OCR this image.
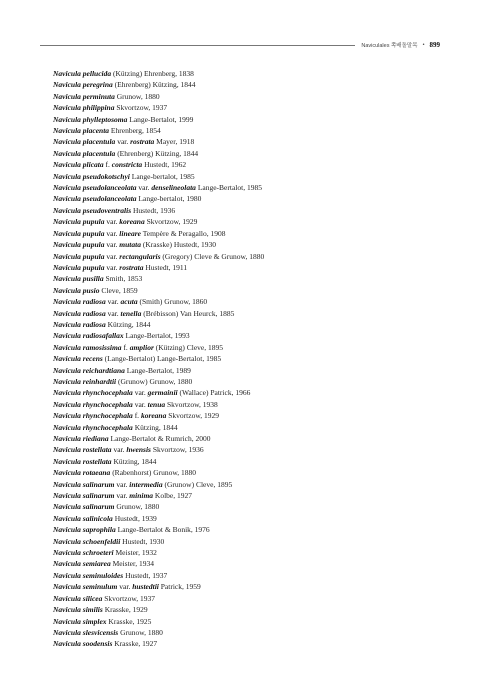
Naviculales 쪽배돌말목 • 899
Navicula pellucida (Kützing) Ehrenberg, 1838
Navicula peregrina (Ehrenberg) Kützing, 1844
Navicula perminuta Grunow, 1880
Navicula philippina Skvortzow, 1937
Navicula phylleptosoma Lange-Bertalot, 1999
Navicula placenta Ehrenberg, 1854
Navicula placentula var. rostrata Mayer, 1918
Navicula placentula (Ehrenberg) Kützing, 1844
Navicula plicata f. constricta Hustedt, 1962
Navicula pseudokotschyi Lange-bertalot, 1985
Navicula pseudolanceolata var. denselineolata Lange-Bertalot, 1985
Navicula pseudolanceolata Lange-bertalot, 1980
Navicula pseudoventralis Hustedt, 1936
Navicula pupula var. koreana Skvortzow, 1929
Navicula pupula var. lineare Tempère & Peragallo, 1908
Navicula pupula var. mutata (Krasske) Hustedt, 1930
Navicula pupula var. rectangularis (Gregory) Cleve & Grunow, 1880
Navicula pupula var. rostrata Hustedt, 1911
Navicula pusilla Smith, 1853
Navicula pusio Cleve, 1859
Navicula radiosa var. acuta (Smith) Grunow, 1860
Navicula radiosa var. tenella (Brébisson) Van Heurck, 1885
Navicula radiosa Kützing, 1844
Navicula radiosafallax Lange-Bertalot, 1993
Navicula ramosissima f. amplior (Kützing) Cleve, 1895
Navicula recens (Lange-Bertalot) Lange-Bertalot, 1985
Navicula reichardtiana Lange-Bertalot, 1989
Navicula reinhardtii (Grunow) Grunow, 1880
Navicula rhynchocephala var. germainii (Wallace) Patrick, 1966
Navicula rhynchocephala var. tenua Skvortzow, 1938
Navicula rhynchocephala f. koreana Skvortzow, 1929
Navicula rhynchocephala Kützing, 1844
Navicula riediana Lange-Bertalot & Rumrich, 2000
Navicula rostellata var. hwensis Skvortzow, 1936
Navicula rostellata Kützing, 1844
Navicula rotaeana (Rabenhorst) Grunow, 1880
Navicula salinarum var. intermedia (Grunow) Cleve, 1895
Navicula salinarum var. minima Kolbe, 1927
Navicula salinarum Grunow, 1880
Navicula salinicola Hustedt, 1939
Navicula saprophila Lange-Bertalot & Bonik, 1976
Navicula schoenfeldii Hustedt, 1930
Navicula schroeteri Meister, 1932
Navicula semiarea Meister, 1934
Navicula seminuloides Hustedt, 1937
Navicula seminulum var. hustedtii Patrick, 1959
Navicula silicea Skvortzow, 1937
Navicula similis Krasske, 1929
Navicula simplex Krasske, 1925
Navicula slesvicensis Grunow, 1880
Navicula soodensis Krasske, 1927
